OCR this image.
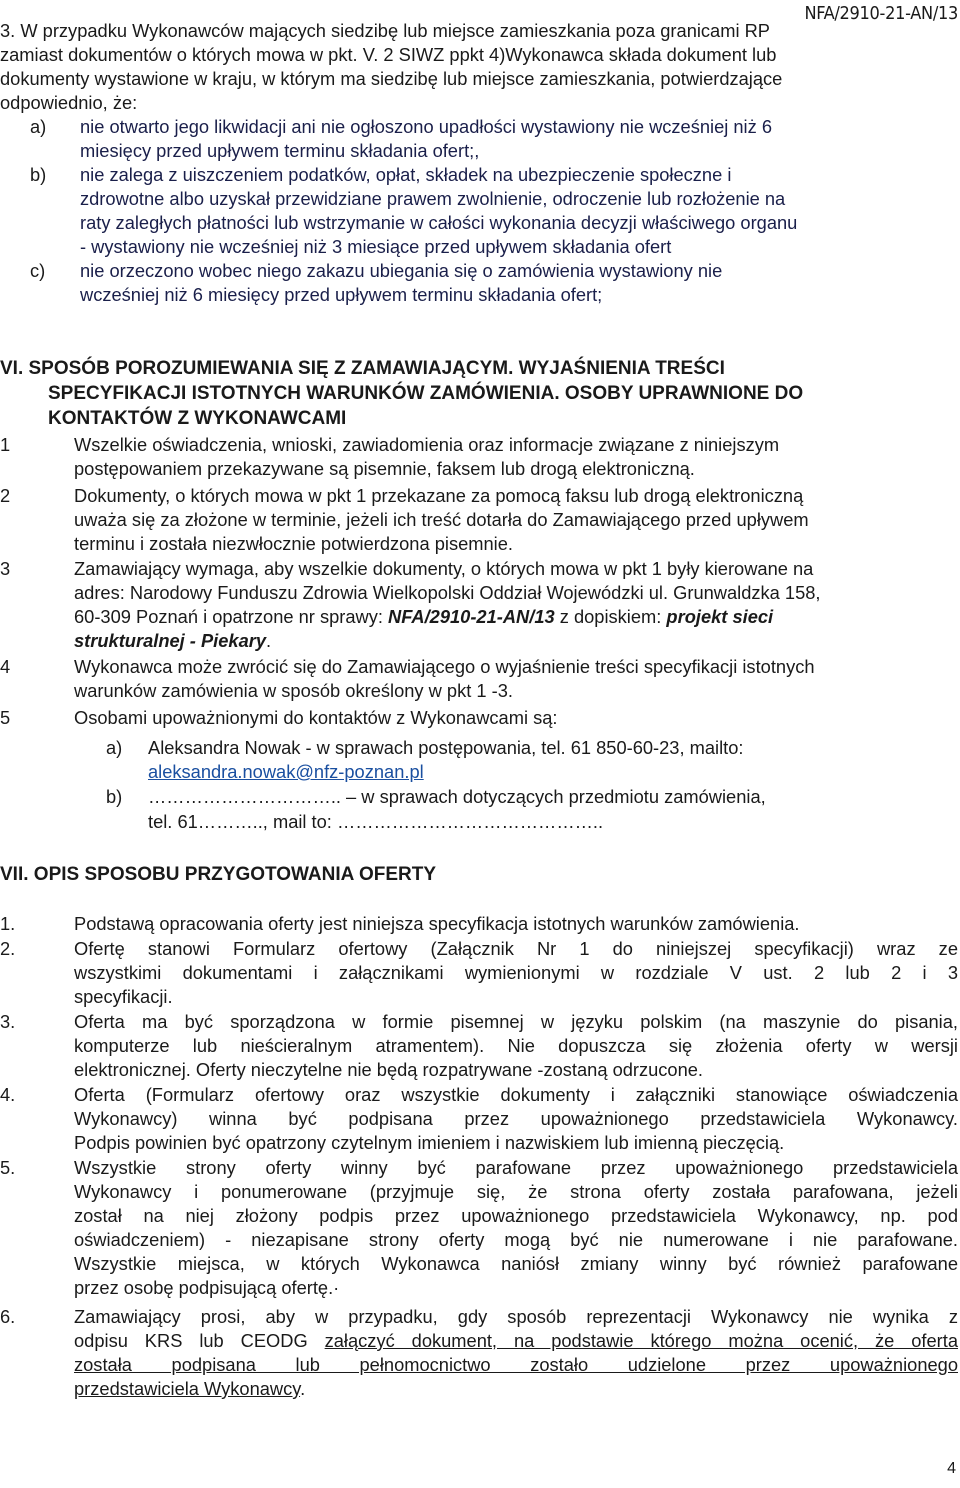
NFA/2910-21-AN/13
3. W przypadku Wykonawców mających siedzibę lub miejsce zamieszkania poza granicami RP
zamiast dokumentów o których mowa w pkt. V. 2 SIWZ ppkt 4)Wykonawca składa dokument lub
dokumenty wystawione w kraju, w którym ma siedzibę lub miejsce zamieszkania, potwierdzające
odpowiednio, że:
a) nie otwarto jego likwidacji ani nie ogłoszono upadłości wystawiony nie wcześniej niż 6
miesięcy przed upływem terminu składania ofert;,
b) nie zalega z uiszczeniem podatków, opłat, składek na ubezpieczenie społeczne i
zdrowotne albo uzyskał przewidziane prawem zwolnienie, odroczenie lub rozłożenie na
raty zaległych płatności lub wstrzymanie w całości wykonania decyzji właściwego organu
- wystawiony nie wcześniej niż 3 miesiące przed upływem składania ofert
c) nie orzeczono wobec niego zakazu ubiegania się o zamówienia wystawiony nie
wcześniej niż 6 miesięcy przed upływem terminu składania ofert;
VI. SPOSÓB POROZUMIEWANIA SIĘ Z ZAMAWIAJĄCYM. WYJAŚNIENIA TREŚCI
SPECYFIKACJI ISTOTNYCH WARUNKÓW ZAMÓWIENIA. OSOBY UPRAWNIONE DO
KONTAKTÓW Z WYKONAWCAMI
1	Wszelkie oświadczenia, wnioski, zawiadomienia oraz informacje związane z niniejszym
postępowaniem przekazywane są pisemnie, faksem lub drogą elektroniczną.
2	Dokumenty, o których mowa w pkt 1 przekazane za pomocą faksu lub drogą elektroniczną
uważa się za złożone w terminie, jeżeli ich treść dotarła do Zamawiającego przed upływem
terminu i została niezwłocznie potwierdzona pisemnie.
3	Zamawiający wymaga, aby wszelkie dokumenty, o których mowa w pkt 1 były kierowane na
adres: Narodowy Funduszu Zdrowia Wielkopolski Oddział Wojewódzki ul. Grunwaldzka 158,
60-309 Poznań i opatrzone nr sprawy: NFA/2910-21-AN/13 z dopiskiem: projekt sieci
strukturalnej - Piekary.
4	Wykonawca może zwrócić się do Zamawiającego o wyjaśnienie treści specyfikacji istotnych
warunków zamówienia w sposób określony w pkt 1 -3.
5	Osobami upoważnionymi do kontaktów z Wykonawcami są:
a) Aleksandra Nowak - w sprawach postępowania, tel. 61 850-60-23, mailto:
aleksandra.nowak@nfz-poznan.pl
b) ………………………….. – w sprawach dotyczących przedmiotu zamówienia,
tel. 61……….., mail to: ……………………………………..
VII. OPIS SPOSOBU PRZYGOTOWANIA OFERTY
1.	Podstawą opracowania oferty jest niniejsza specyfikacja istotnych warunków zamówienia.
2.	Ofertę stanowi Formularz ofertowy (Załącznik Nr 1 do niniejszej specyfikacji) wraz ze
wszystkimi dokumentami i załącznikami wymienionymi w rozdziale V ust. 2 lub 2 i 3
specyfikacji.
3.	Oferta ma być sporządzona w formie pisemnej w języku polskim (na maszynie do pisania,
komputerze lub nieścieralnym atramentem). Nie dopuszcza się złożenia oferty w wersji
elektronicznej. Oferty nieczytelne nie będą rozpatrywane -zostaną odrzucone.
4.	Oferta (Formularz ofertowy oraz wszystkie dokumenty i załączniki stanowiące oświadczenia
Wykonawcy) winna być podpisana przez upoważnionego przedstawiciela Wykonawcy.
Podpis powinien być opatrzony czytelnym imieniem i nazwiskiem lub imienną pieczęcią.
5.	Wszystkie strony oferty winny być parafowane przez upoważnionego przedstawiciela
Wykonawcy i ponumerowane (przyjmuje się, że strona oferty została parafowana, jeżeli
został na niej złożony podpis przez upoważnionego przedstawiciela Wykonawcy, np. pod
oświadczeniem) - niezapisane strony oferty mogą być nie numerowane i nie parafowane.
Wszystkie miejsca, w których Wykonawca naniósł zmiany winny być również parafowane
przez osobę podpisującą ofertę.·
6.	Zamawiający prosi, aby w przypadku, gdy sposób reprezentacji Wykonawcy nie wynika z
odpisu KRS lub CEODG załączyć dokument, na podstawie którego można ocenić, że oferta
została podpisana lub pełnomocnictwo zostało udzielone przez upoważnionego
przedstawiciela Wykonawcy.
4
